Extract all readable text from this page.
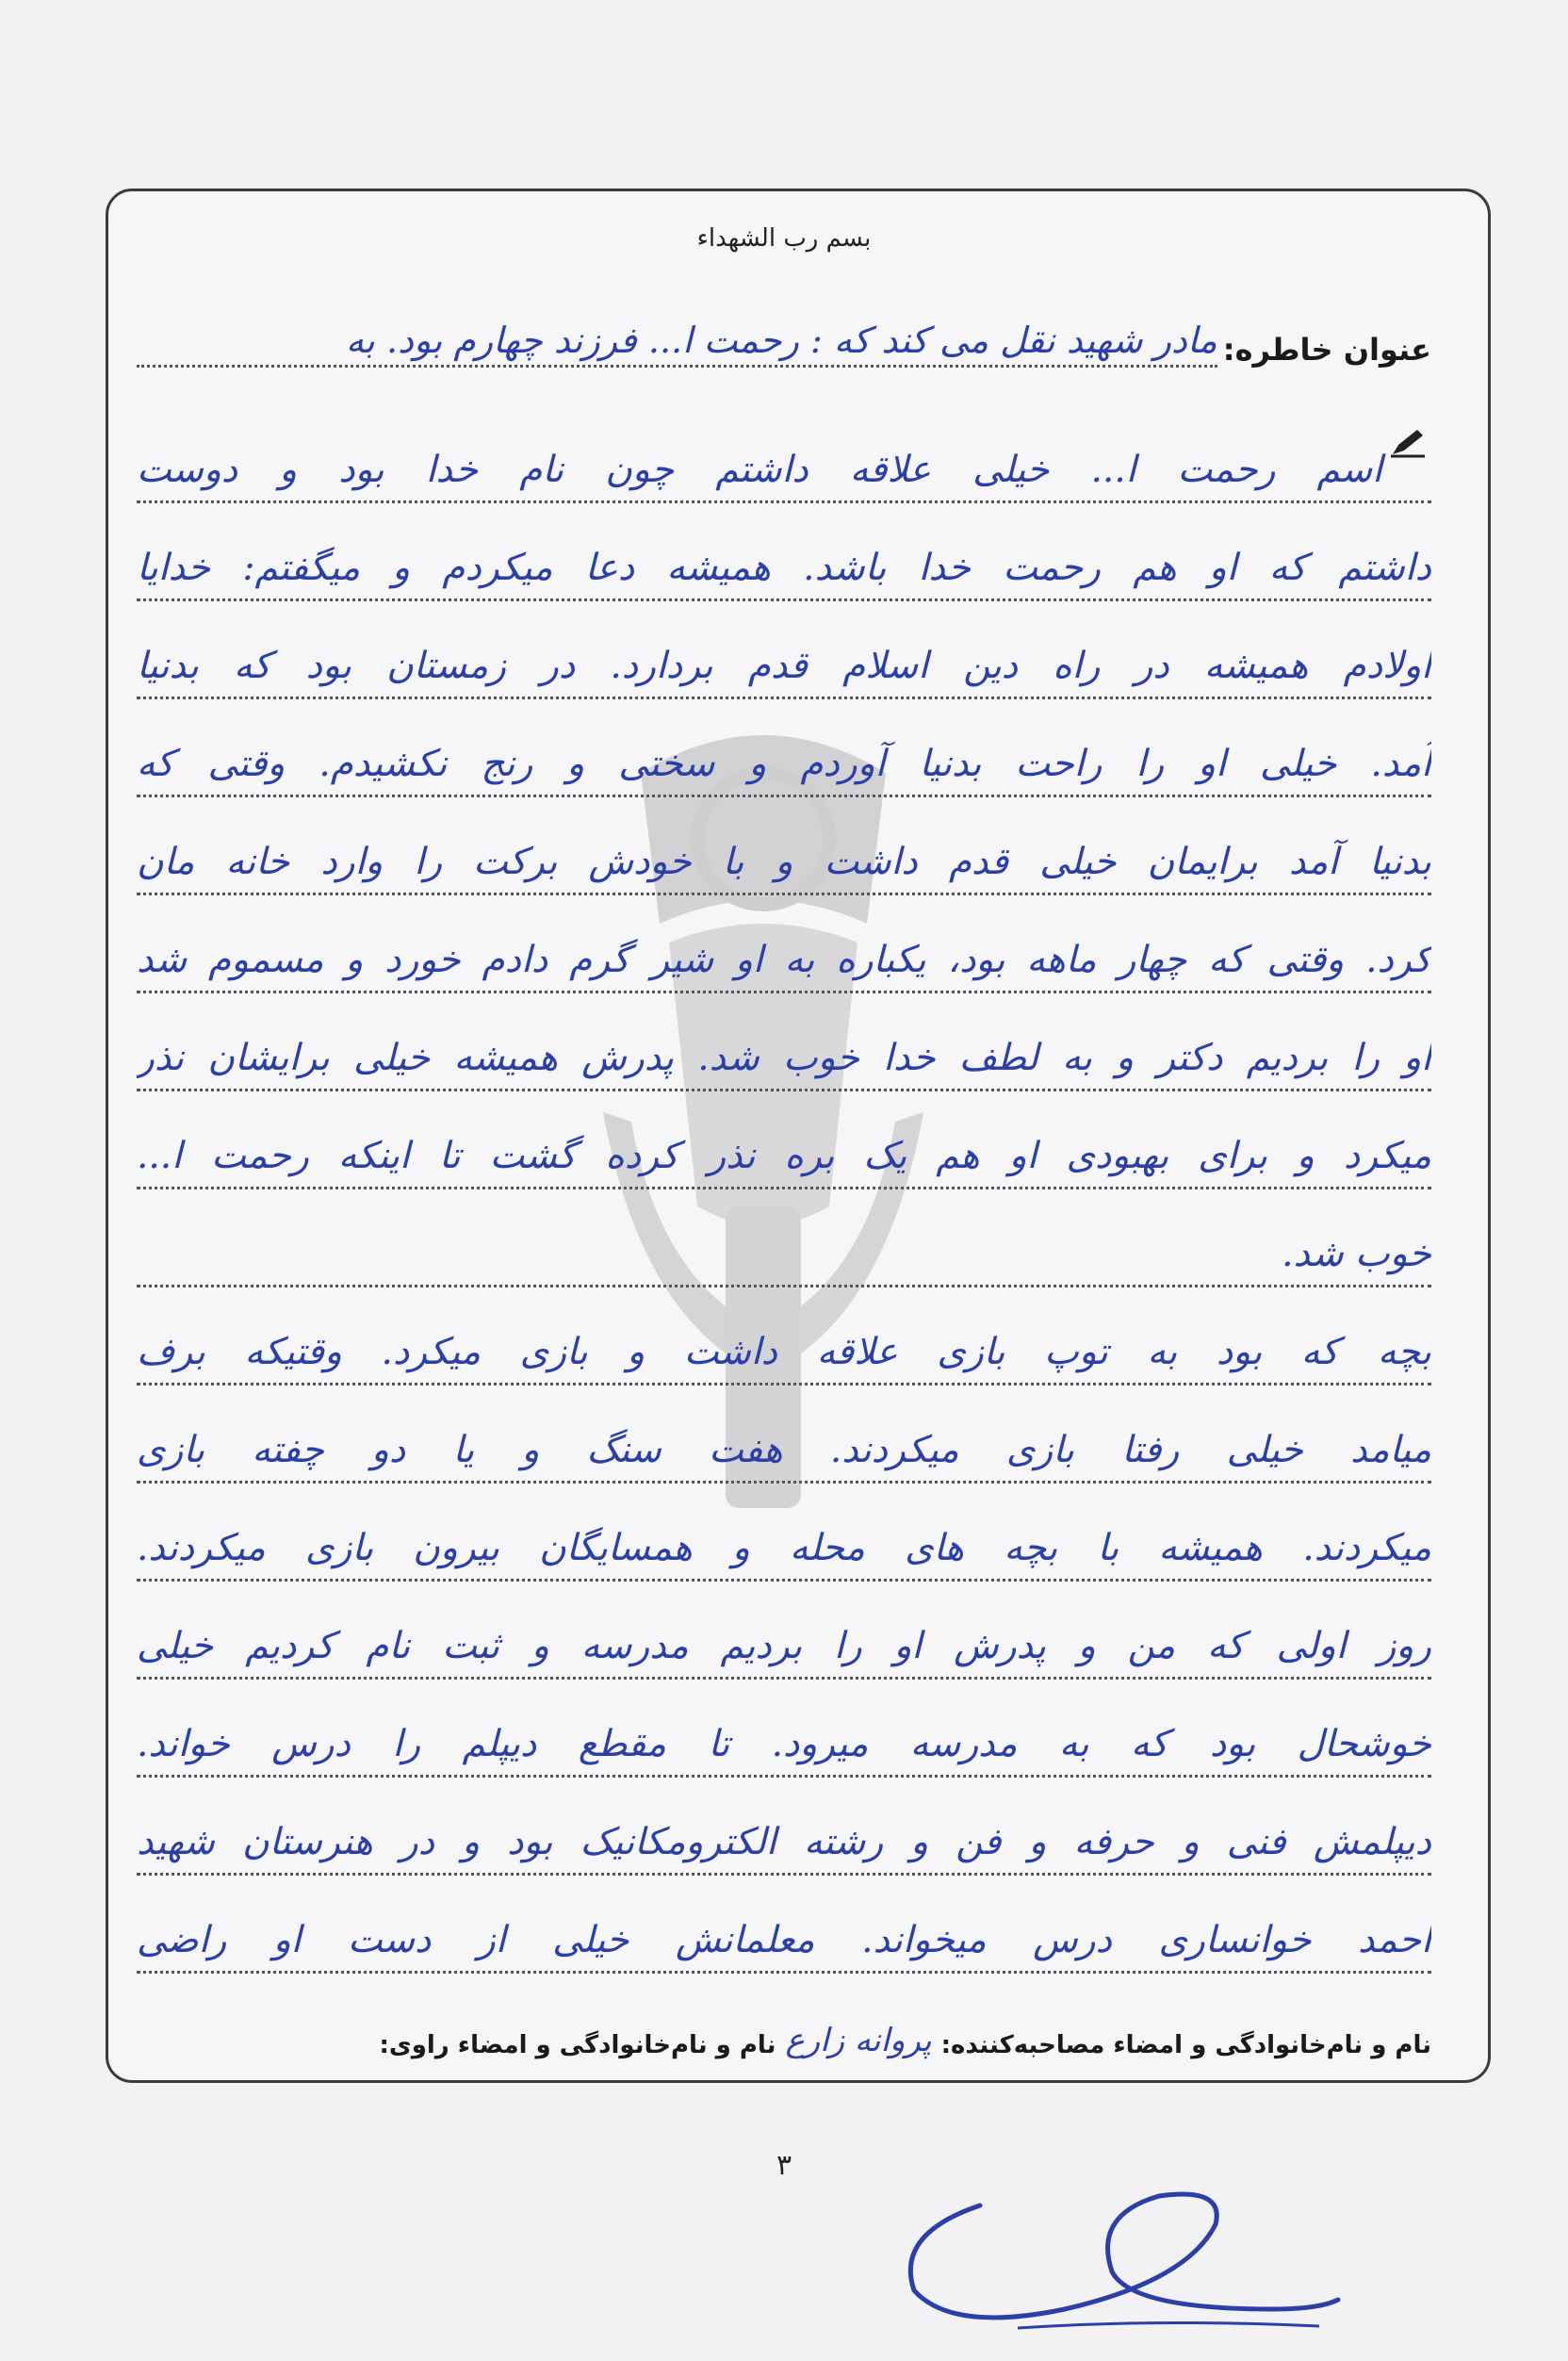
بسم رب الشهداء
عنوان خاطره:
مادر شهید نقل می کند که : رحمت ا... فرزند چهارم بود. به
اسم رحمت ا... خیلی علاقه داشتم چون نام خدا بود و دوست
داشتم که او هم رحمت خدا باشد. همیشه دعا میکردم و میگفتم: خدایا
اولادم همیشه در راه دین اسلام قدم بردارد. در زمستان بود که بدنیا
آمد. خیلی او را راحت بدنیا آوردم و سختی و رنج نکشیدم. وقتی که
بدنیا آمد برایمان خیلی قدم داشت و با خودش برکت را وارد خانه مان
کرد. وقتی که چهار ماهه بود، یکباره به او شیر گرم دادم خورد و مسموم شد
او را بردیم دکتر و به لطف خدا خوب شد. پدرش همیشه خیلی برایشان نذر
میکرد و برای بهبودی او هم یک بره نذر کرده گشت تا اینکه رحمت ا...
خوب شد.
بچه که بود به توپ بازی علاقه داشت و بازی میکرد. وقتیکه برف
میامد خیلی رفتا بازی میکردند. هفت سنگ و یا دو چفته بازی
میکردند. همیشه با بچه های محله و همسایگان بیرون بازی میکردند.
روز اولی که من و پدرش او را بردیم مدرسه و ثبت نام کردیم خیلی
خوشحال بود که به مدرسه میرود. تا مقطع دیپلم را درس خواند.
دیپلمش فنی و حرفه و فن و رشته الکترومکانیک بود و در هنرستان شهید
احمد خوانساری درس میخواند. معلمانش خیلی از دست او راضی
نام و نام‌خانوادگی و امضاء مصاحبه‌کننده:
پروانه زارع
نام و نام‌خانوادگی و امضاء راوی:
۳
